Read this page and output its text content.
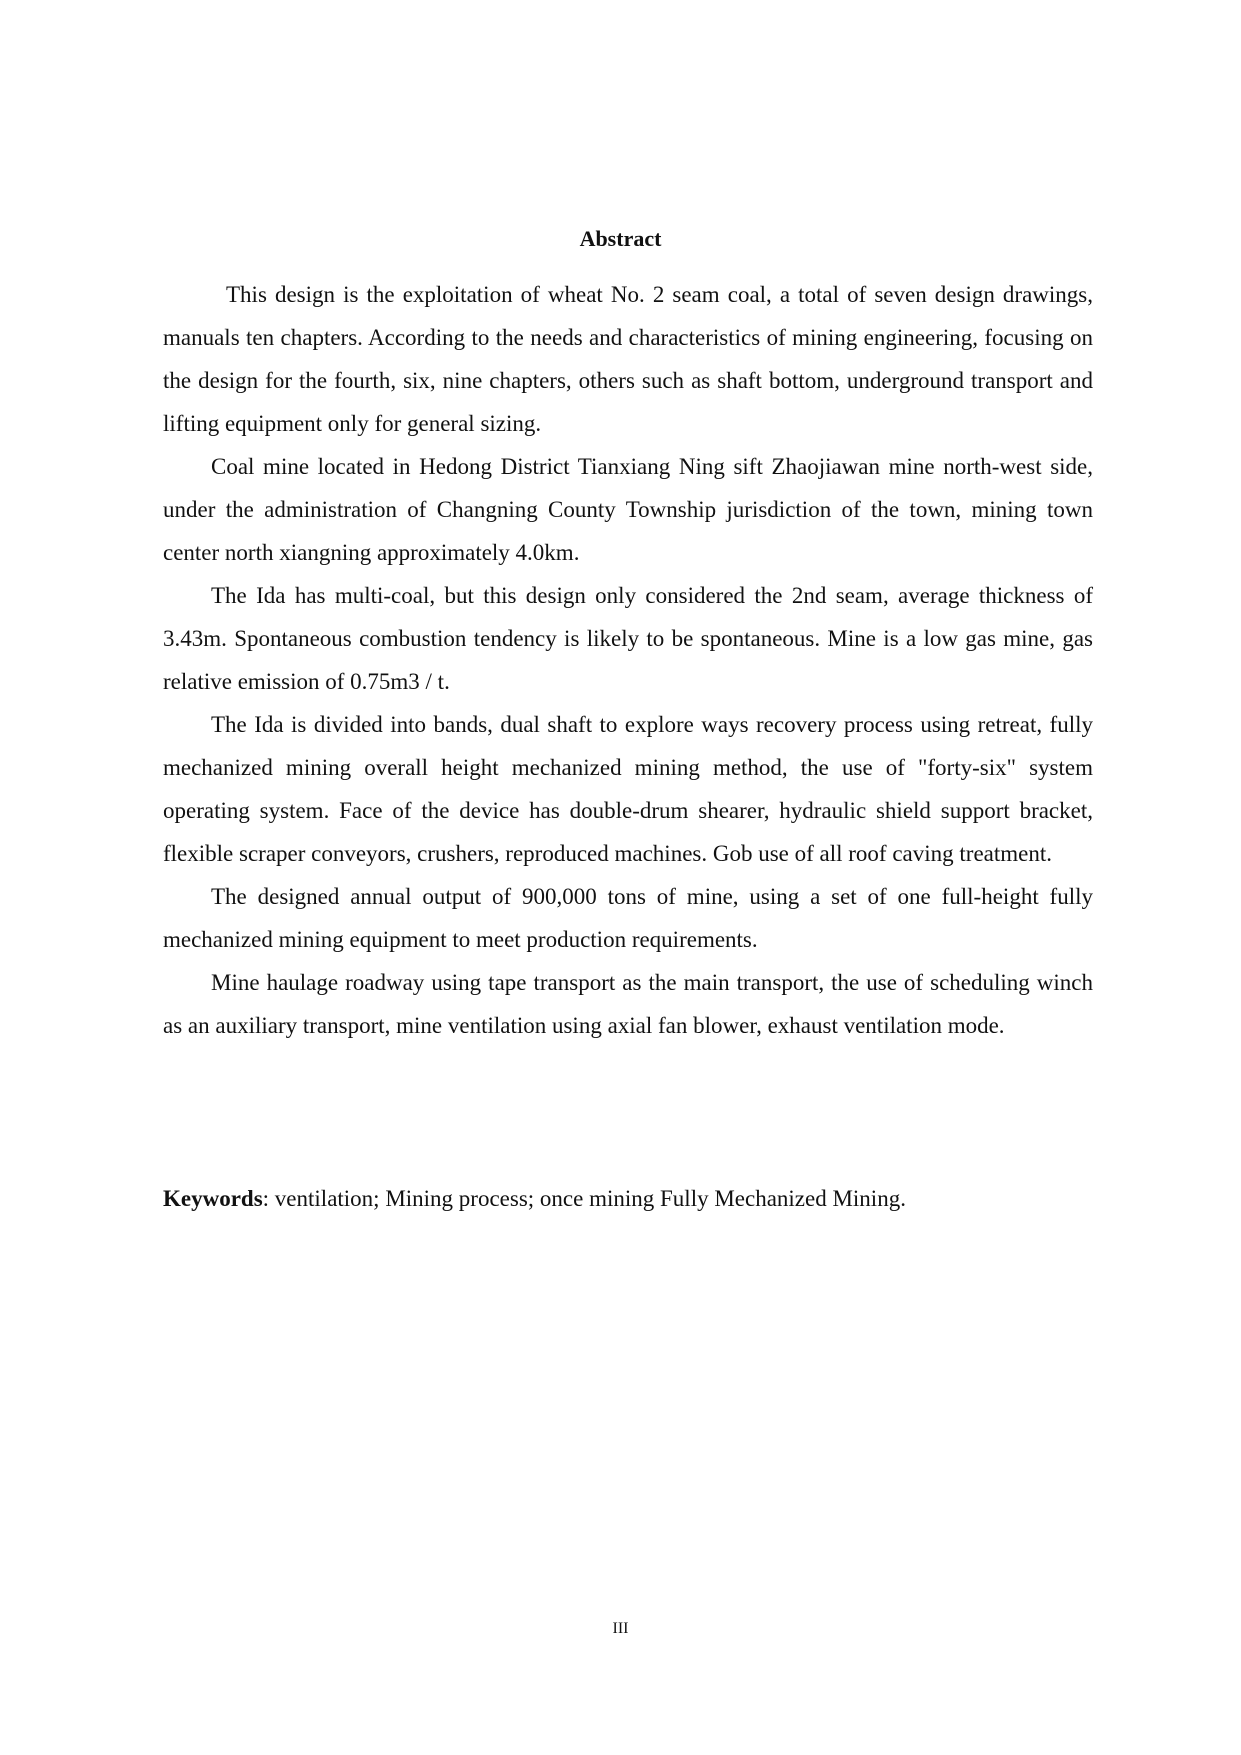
Abstract

This design is the exploitation of wheat No. 2 seam coal, a total of seven design drawings, manuals ten chapters. According to the needs and characteristics of mining engineering, focusing on the design for the fourth, six, nine chapters, others such as shaft bottom, underground transport and lifting equipment only for general sizing.

Coal mine located in Hedong District Tianxiang Ning sift Zhaojiawan mine north-west side, under the administration of Changning County Township jurisdiction of the town, mining town center north xiangning approximately 4.0km.

The Ida has multi-coal, but this design only considered the 2nd seam, average thickness of 3.43m. Spontaneous combustion tendency is likely to be spontaneous. Mine is a low gas mine, gas relative emission of 0.75m3 / t.

The Ida is divided into bands, dual shaft to explore ways recovery process using retreat, fully mechanized mining overall height mechanized mining method, the use of "forty-six" system operating system. Face of the device has double-drum shearer, hydraulic shield support bracket, flexible scraper conveyors, crushers, reproduced machines. Gob use of all roof caving treatment.

The designed annual output of 900,000 tons of mine, using a set of one full-height fully mechanized mining equipment to meet production requirements.

Mine haulage roadway using tape transport as the main transport, the use of scheduling winch as an auxiliary transport, mine ventilation using axial fan blower, exhaust ventilation mode.

Keywords: ventilation; Mining process; once mining Fully Mechanized Mining.
III
